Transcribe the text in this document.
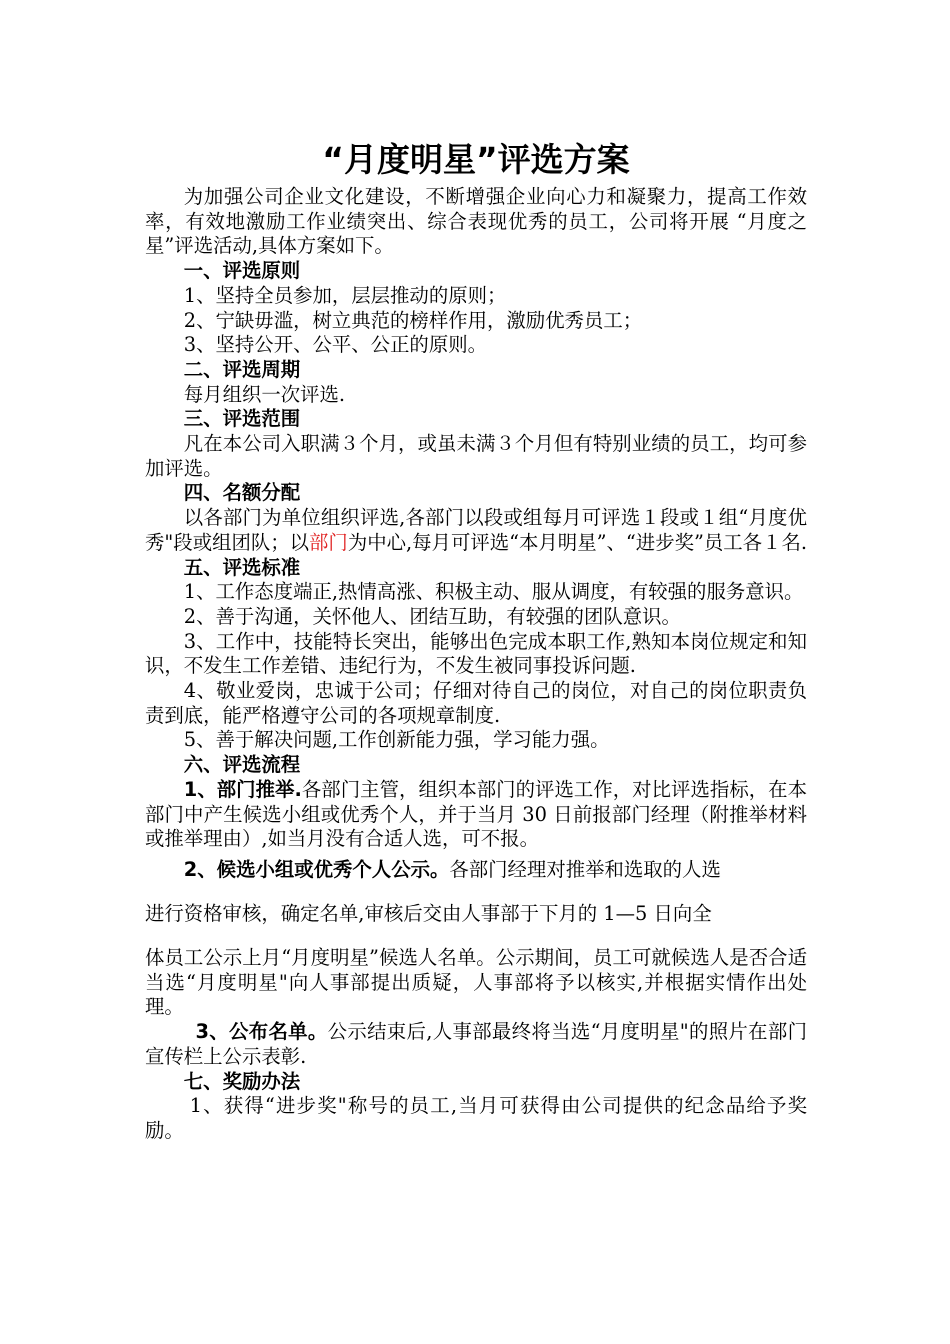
“月度明星”评选方案

为加强公司企业文化建设，不断增强企业向心力和凝聚力，提高工作效率，有效地激励工作业绩突出、综合表现优秀的员工，公司将开展 “月度之星”评选活动,具体方案如下。

一、评选原则

1、坚持全员参加，层层推动的原则；

2、宁缺毋滥，树立典范的榜样作用，激励优秀员工；

3、坚持公开、公平、公正的原则。

二、评选周期

每月组织一次评选.

三、评选范围

凡在本公司入职满３个月，或虽未满３个月但有特别业绩的员工，均可参加评选。

四、名额分配

以各部门为单位组织评选,各部门以段或组每月可评选１段或１组“月度优秀"段或组团队；以部门为中心,每月可评选“本月明星”、“进步奖”员工各１名.

五、评选标准

1、工作态度端正,热情高涨、积极主动、服从调度，有较强的服务意识。

2、善于沟通，关怀他人、团结互助，有较强的团队意识。

3、工作中，技能特长突出，能够出色完成本职工作,熟知本岗位规定和知识，不发生工作差错、违纪行为，不发生被同事投诉问题.

4、敬业爱岗，忠诚于公司；仔细对待自己的岗位，对自己的岗位职责负责到底，能严格遵守公司的各项规章制度.

5、善于解决问题,工作创新能力强，学习能力强。

六、评选流程

1、部门推举.各部门主管，组织本部门的评选工作，对比评选指标，在本部门中产生候选小组或优秀个人，并于当月 30 日前报部门经理（附推举材料或推举理由）,如当月没有合适人选，可不报。

2、候选小组或优秀个人公示。各部门经理对推举和选取的人选

进行资格审核，确定名单,审核后交由人事部于下月的 1—5 日向全

体员工公示上月“月度明星”候选人名单。公示期间，员工可就候选人是否合适当选“月度明星"向人事部提出质疑，人事部将予以核实,并根据实情作出处理。

3、公布名单。公示结束后,人事部最终将当选“月度明星"的照片在部门宣传栏上公示表彰.

七、奖励办法

1、获得“进步奖"称号的员工,当月可获得由公司提供的纪念品给予奖励。
